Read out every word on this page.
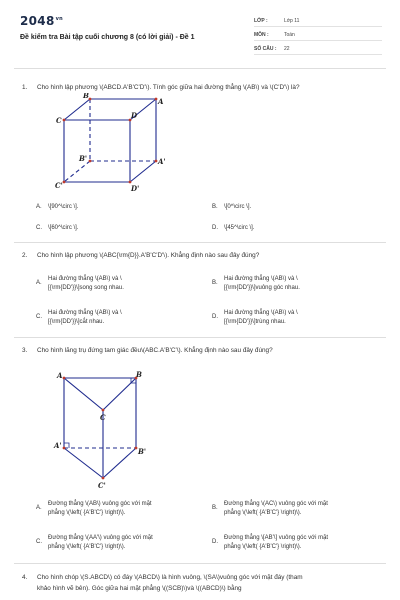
$2048^{vn}$
Đề kiểm tra Bài tập cuối chương 8 (có lời giải) - Đề 1
LỚP :	Lớp 11
MÔN :	Toán
SỐ CÂU : 22
1. Cho hình lập phương \(ABCD.A'B'C'D'\). Tính góc giữa hai đường thẳng \(AB\) và \(C'D'\) là?
B
C
D
A
B'	A'
C'	D'
A. \[90^\circ \].	B. \[0^\circ \].
C. \[60^\circ \].	D. \[45^\circ \].
2. Cho hình lập phương \(ABC{\rm{D}}.A'B'C'D'\). Khẳng định nào sau đây đúng?
A.
Hai đường thẳng \(AB\) và \
[{\rm{DD'}}\]song song nhau.
B.
Hai đường thẳng \(AB\) và \
[{\rm{DD'}}\]vuông góc nhau.
C.
Hai đường thẳng \(AB\) và \
[{\rm{DD'}}\]cắt nhau.
D.
Hai đường thẳng \(AB\) và \
[{\rm{DD'}}\]trùng nhau.
3. Cho hình lăng trụ đứng tam giác đều\(ABC.A'B'C'\). Khẳng định nào sau đây đúng?
A	B
C
A'
B'
C'
A.
Đường thẳng \(AB\) vuông góc với mặt
phẳng \(\left( {A'B'C'} \right)\).
B.
Đường thẳng \(AC\) vuông góc với mặt
phẳng \(\left( {A'B'C'} \right)\).
C.
Đường thẳng \(AA'\) vuông góc với mặt
phẳng \(\left( {A'B'C'} \right)\).
D.
Đường thẳng \[AB'\] vuông góc với mặt
phẳng \(\left( {A'B'C'} \right)\).
4. Cho hình chóp \(S.ABCD\) có đáy \(ABCD\) là hình vuông, \(SA\)vuông góc với mặt đáy (tham
khảo hình vẽ bên). Góc giữa hai mặt phẳng \((SCB)\)và \((ABCD)\) bằng
